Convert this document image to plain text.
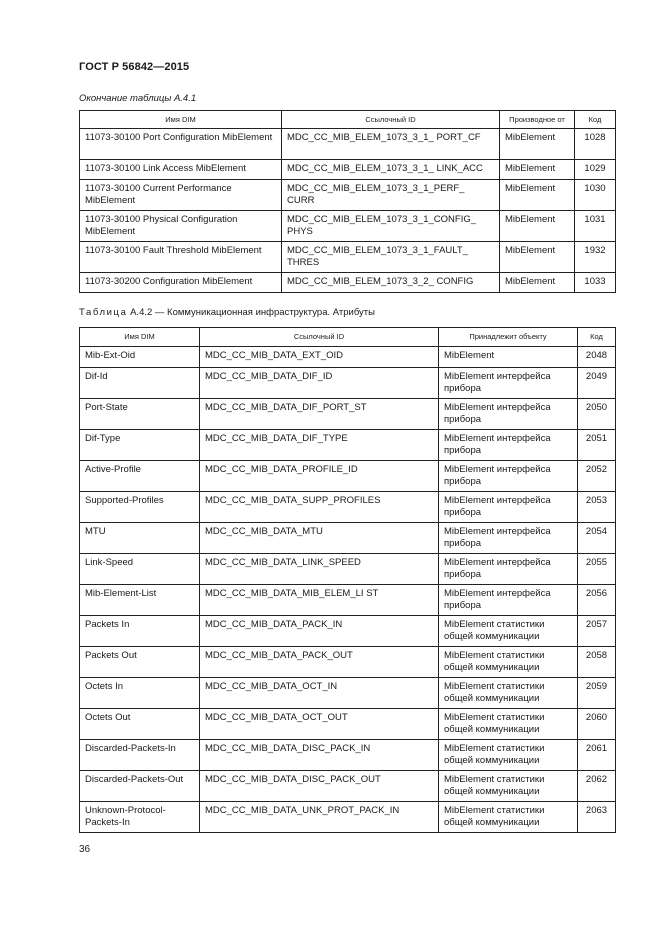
ГОСТ Р 56842—2015
Окончание таблицы А.4.1
Имя DIM	Ссылочный ID	Производное от	Код
11073-30100 Port Configuration MibElement	MDC_CC_MIB_ELEM_1073_3_1_ PORT_CF	MibElement	1028
11073-30100 Link Access MibElement	MDC_CC_MIB_ELEM_1073_3_1_ LINK_ACC	MibElement	1029
11073-30100 Current Performance MibElement	MDC_CC_MIB_ELEM_1073_3_1_PERF_ CURR	MibElement	1030
11073-30100 Physical Configuration MibElement	MDC_CC_MIB_ELEM_1073_3_1_CONFIG_ PHYS	MibElement	1031
11073-30100 Fault Threshold MibElement	MDC_CC_MIB_ELEM_1073_3_1_FAULT_ THRES	MibElement	1932
11073-30200 Configuration MibElement	MDC_CC_MIB_ELEM_1073_3_2_ CONFIG	MibElement	1033
Таблица А.4.2 — Коммуникационная инфраструктура. Атрибуты
Имя DIM	Ссылочный ID	Принадлежит объекту	Код
Mib-Ext-Oid	MDC_CC_MIB_DATA_EXT_OID	MibElement	2048
Dif-Id	MDC_CC_MIB_DATA_DIF_ID	MibElement интерфейса прибора	2049
Port-State	MDC_CC_MIB_DATA_DIF_PORT_ST	MibElement интерфейса прибора	2050
Dif-Type	MDC_CC_MIB_DATA_DIF_TYPE	MibElement интерфейса прибора	2051
Active-Profile	MDC_CC_MIB_DATA_PROFILE_ID	MibElement интерфейса прибора	2052
Supported-Profiles	MDC_CC_MIB_DATA_SUPP_PROFILES	MibElement интерфейса прибора	2053
MTU	MDC_CC_MIB_DATA_MTU	MibElement интерфейса прибора	2054
Link-Speed	MDC_CC_MIB_DATA_LINK_SPEED	MibElement интерфейса прибора	2055
Mib-Element-List	MDC_CC_MIB_DATA_MIB_ELEM_LI ST	MibElement интерфейса прибора	2056
Packets In	MDC_CC_MIB_DATA_PACK_IN	MibElement статистики общей коммуникации	2057
Packets Out	MDC_CC_MIB_DATA_PACK_OUT	MibElement статистики общей коммуникации	2058
Octets In	MDC_CC_MIB_DATA_OCT_IN	MibElement статистики общей коммуникации	2059
Octets Out	MDC_CC_MIB_DATA_OCT_OUT	MibElement статистики общей коммуникации	2060
Discarded-Packets-In	MDC_CC_MIB_DATA_DISC_PACK_IN	MibElement статистики общей коммуникации	2061
Discarded-Packets-Out	MDC_CC_MIB_DATA_DISC_PACK_OUT	MibElement статистики общей коммуникации	2062
Unknown-Protocol-Packets-In	MDC_CC_MIB_DATA_UNK_PROT_PACK_IN	MibElement статистики общей коммуникации	2063
36
